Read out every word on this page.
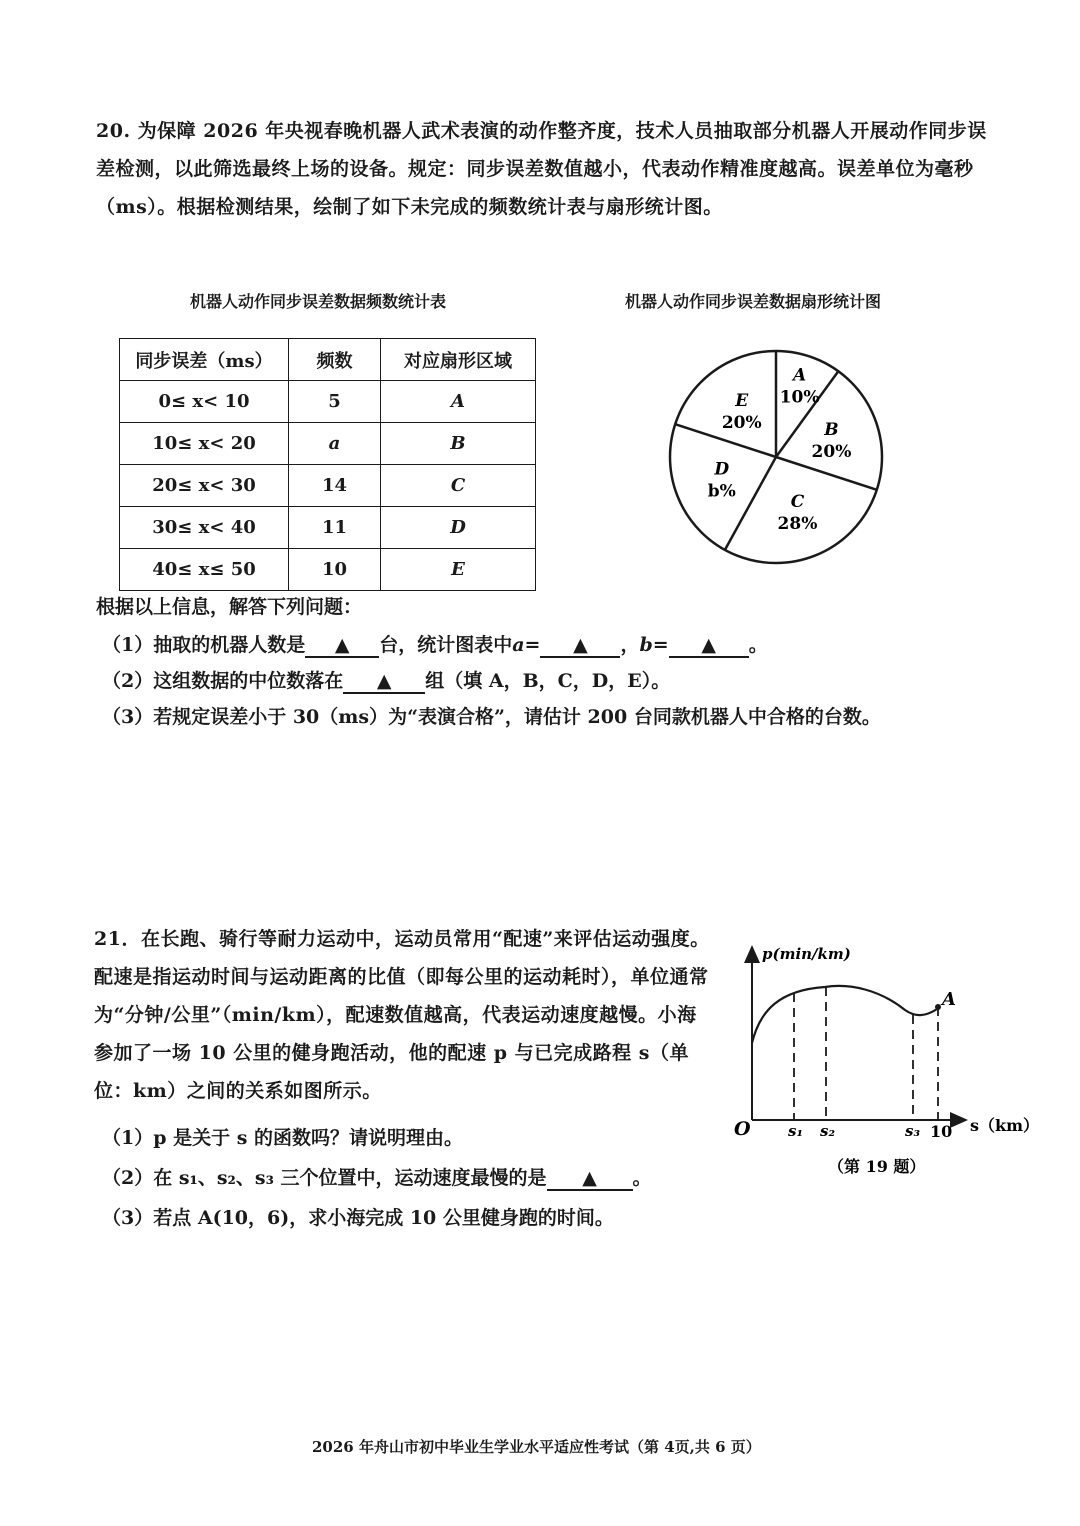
20. 为保障 2026 年央视春晚机器人武术表演的动作整齐度，技术人员抽取部分机器人开展动作同步误差检测，以此筛选最终上场的设备。规定：同步误差数值越小，代表动作精准度越高。误差单位为毫秒（ms）。根据检测结果，绘制了如下未完成的频数统计表与扇形统计图。
机器人动作同步误差数据频数统计表	机器人动作同步误差数据扇形统计图
同步误差（ms）	频数	对应扇形区域
0≤ x< 10	5	A
10≤ x< 20	a	B
20≤ x< 30	14	C
30≤ x< 40	11	D
40≤ x≤ 50	10	E
A
10%
B
20%
C
28%
D
b%
E
20%
根据以上信息，解答下列问题：
（1）抽取的机器人数是 ▲ 台，统计图表中a= ▲ ，b= ▲ 。
（2）这组数据的中位数落在 ▲ 组（填 A，B，C，D，E）。
（3）若规定误差小于 30（ms）为“表演合格”，请估计 200 台同款机器人中合格的台数。
21．在长跑、骑行等耐力运动中，运动员常用“配速”来评估运动强度。配速是指运动时间与运动距离的比值（即每公里的运动耗时），单位通常为“分钟/公里”（min/km），配速数值越高，代表运动速度越慢。小海参加了一场 10 公里的健身跑活动，他的配速 p 与已完成路程 s（单位：km）之间的关系如图所示。
（1）p 是关于 s 的函数吗？请说明理由。
（2）在 s₁、s₂、s₃ 三个位置中，运动速度最慢的是 ▲ 。
（3）若点 A(10，6)，求小海完成 10 公里健身跑的时间。
p(min/km)
s（km）
O s₁ s₂	s₃ 10
A
（第 19 题）
2026 年舟山市初中毕业生学业水平适应性考试（第 4页,共 6 页）
